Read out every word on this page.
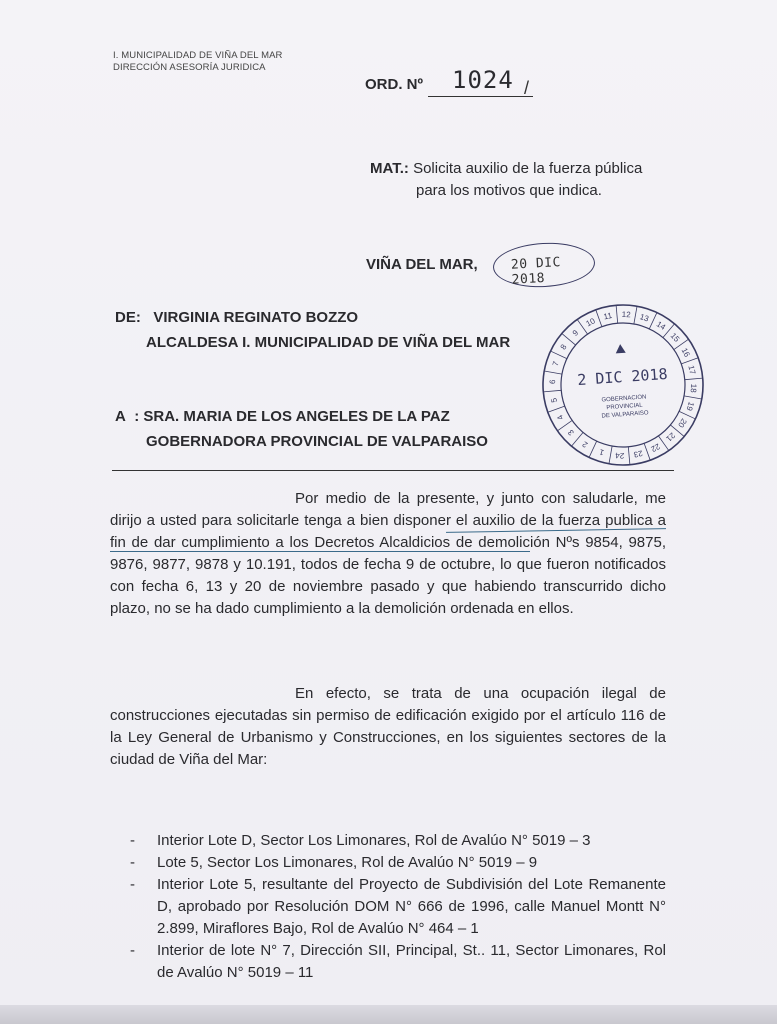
I. MUNICIPALIDAD DE VIÑA DEL MAR
DIRECCIÓN ASESORÍA JURIDICA
ORD. Nº 1024 /
MAT.: Solicita auxilio de la fuerza pública
para los motivos que indica.
VIÑA DEL MAR,	20 DIC 2018
DE: VIRGINIA REGINATO BOZZO
ALCALDESA I. MUNICIPALIDAD DE VIÑA DEL MAR
1
2
3
4
5
6
7
8
9
10
11 12 13
14
15
16
17
18
19
20
21
22
23
24
2 DIC 2018
GOBERNACION
PROVINCIAL
DE VALPARAISO
A : SRA. MARIA DE LOS ANGELES DE LA PAZ
GOBERNADORA PROVINCIAL DE VALPARAISO
Por medio de la presente, y junto con saludarle, me dirijo a usted para solicitarle tenga a bien disponer el auxilio de la fuerza publica a fin de dar cumplimiento a los Decretos Alcaldicios de demolición Nºs 9854, 9875, 9876, 9877, 9878 y 10.191, todos de fecha 9 de octubre, lo que fueron notificados con fecha 6, 13 y 20 de noviembre pasado y que habiendo transcurrido dicho plazo, no se ha dado cumplimiento a la demolición ordenada en ellos.
En efecto, se trata de una ocupación ilegal de construcciones ejecutadas sin permiso de edificación exigido por el artículo 116 de la Ley General de Urbanismo y Construcciones, en los siguientes sectores de la ciudad de Viña del Mar:
- Interior Lote D, Sector Los Limonares, Rol de Avalúo N° 5019 – 3
- Lote 5, Sector Los Limonares, Rol de Avalúo N° 5019 – 9
- Interior Lote 5, resultante del Proyecto de Subdivisión del Lote Remanente D, aprobado por Resolución DOM N° 666 de 1996, calle Manuel Montt N° 2.899, Miraflores Bajo, Rol de Avalúo N° 464 – 1
- Interior de lote N° 7, Dirección SII, Principal, St.. 11, Sector Limonares, Rol de Avalúo N° 5019 – 11
